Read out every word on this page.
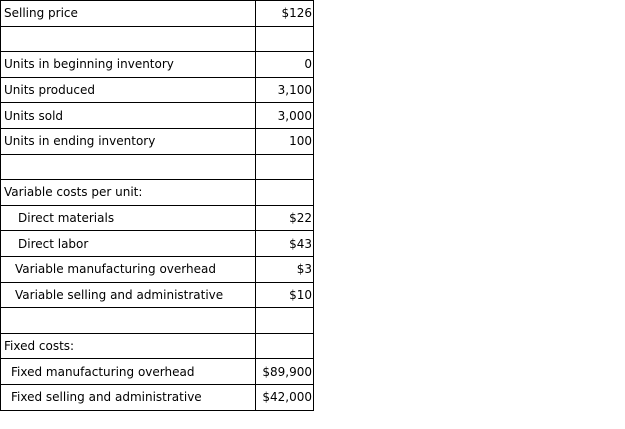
Selling price	$126

Units in beginning inventory	0
Units produced	3,100
Units sold	3,000
Units in ending inventory	100

Variable costs per unit:	
Direct materials	$22
Direct labor	$43
Variable manufacturing overhead	$3
Variable selling and administrative	$10

Fixed costs:	
Fixed manufacturing overhead	$89,900
Fixed selling and administrative	$42,000
